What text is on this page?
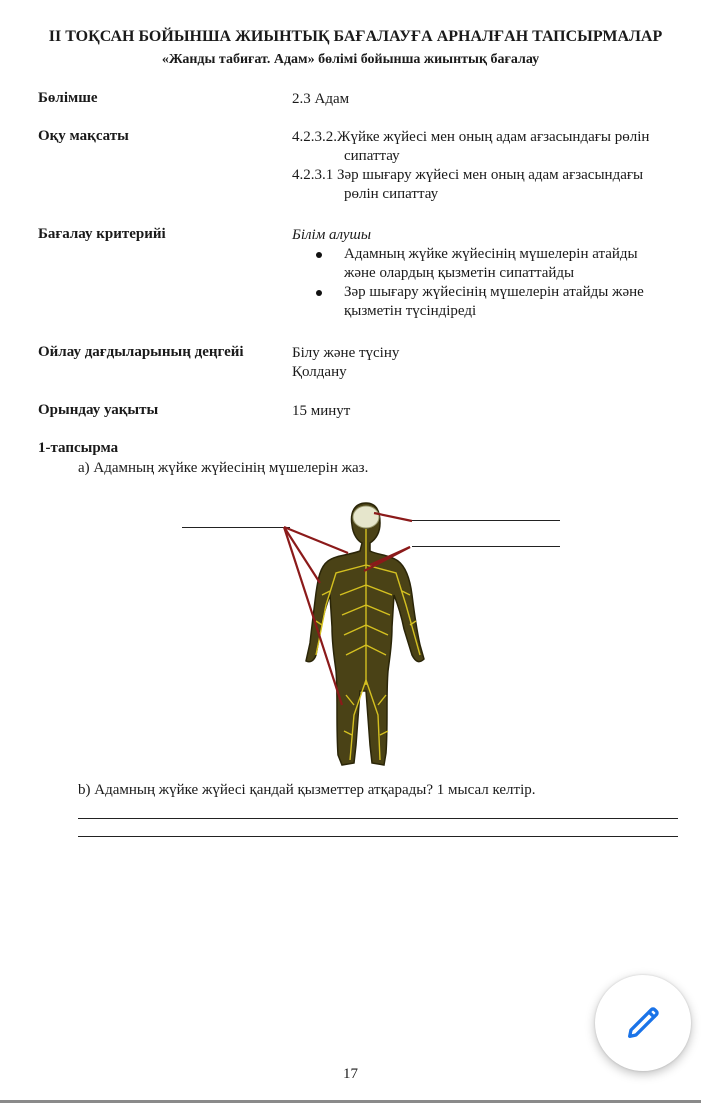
II ТОҚСАН БОЙЫНША ЖИЫНТЫҚ БАҒАЛАУҒА АРНАЛҒАН ТАПСЫРМАЛАР
«Жанды табиғат. Адам» бөлімі бойынша жиынтық бағалау
Бөлімше	2.3 Адам
Оқу мақсаты	4.2.3.2.Жүйке жүйесі мен оның адам ағзасындағы рөлін
сипаттау
4.2.3.1 Зәр шығару жүйесі мен оның адам ағзасындағы
рөлін сипаттау
Бағалау критерийі	Білім алушы
Адамның жүйке жүйесінің мүшелерін атайды
және олардың қызметін сипаттайды
Зәр шығару жүйесінің мүшелерін атайды және
қызметін түсіндіреді
Ойлау дағдыларының деңгейі	Білу және түсіну
Қолдану
Орындау уақыты	15 минут
1-тапсырма
а) Адамның жүйке жүйесінің мүшелерін жаз.
b) Адамның жүйке жүйесі қандай қызметтер атқарады? 1 мысал келтір.
17
